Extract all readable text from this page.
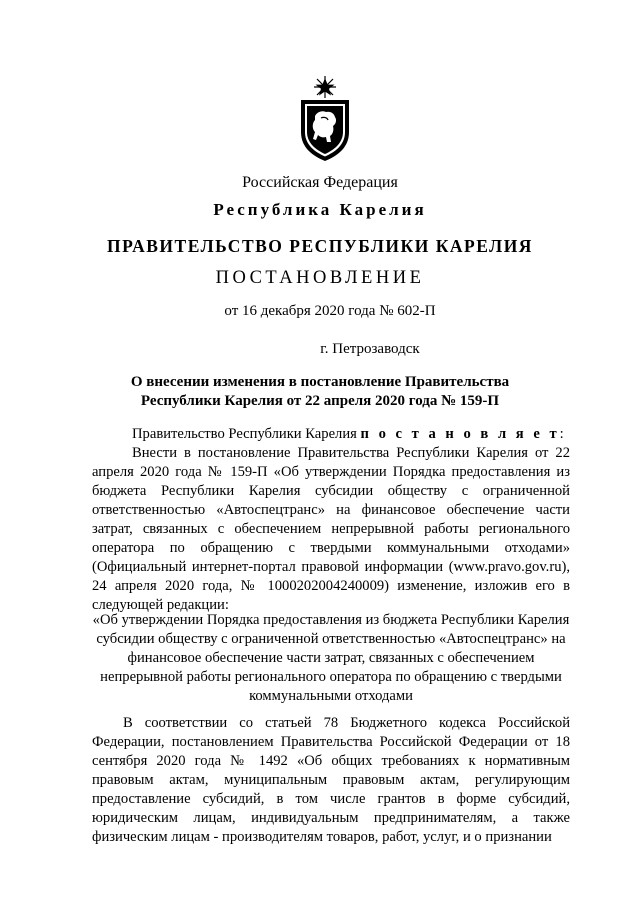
Российская Федерация
Республика Карелия
ПРАВИТЕЛЬСТВО РЕСПУБЛИКИ КАРЕЛИЯ
ПОСТАНОВЛЕНИЕ
от 16 декабря 2020 года № 602-П
г. Петрозаводск
О внесении изменения в постановление Правительства
Республики Карелия от 22 апреля 2020 года № 159-П

Правительство Республики Карелия п о с т а н о в л я е т:

Внести в постановление Правительства Республики Карелия от 22 апреля 2020 года № 159-П «Об утверждении Порядка предоставления из бюджета Республики Карелия субсидии обществу с ограниченной ответственностью «Автоспецтранс» на финансовое обеспечение части затрат, связанных с обеспечением непрерывной работы регионального оператора по обращению с твердыми коммунальными отходами» (Официальный интернет-портал правовой информации (www.pravo.gov.ru), 24 апреля 2020 года, № 1000202004240009) изменение, изложив его в следующей редакции:

«Об утверждении Порядка предоставления из бюджета Республики Карелия субсидии обществу с ограниченной ответственностью «Автоспецтранс» на финансовое обеспечение части затрат, связанных с обеспечением непрерывной работы регионального оператора по обращению с твердыми коммунальными отходами

В соответствии со статьей 78 Бюджетного кодекса Российской Федерации, постановлением Правительства Российской Федерации от 18 сентября 2020 года № 1492 «Об общих требованиях к нормативным правовым актам, муниципальным правовым актам, регулирующим предоставление субсидий, в том числе грантов в форме субсидий, юридическим лицам, индивидуальным предпринимателям, а также физическим лицам - производителям товаров, работ, услуг, и о признании
